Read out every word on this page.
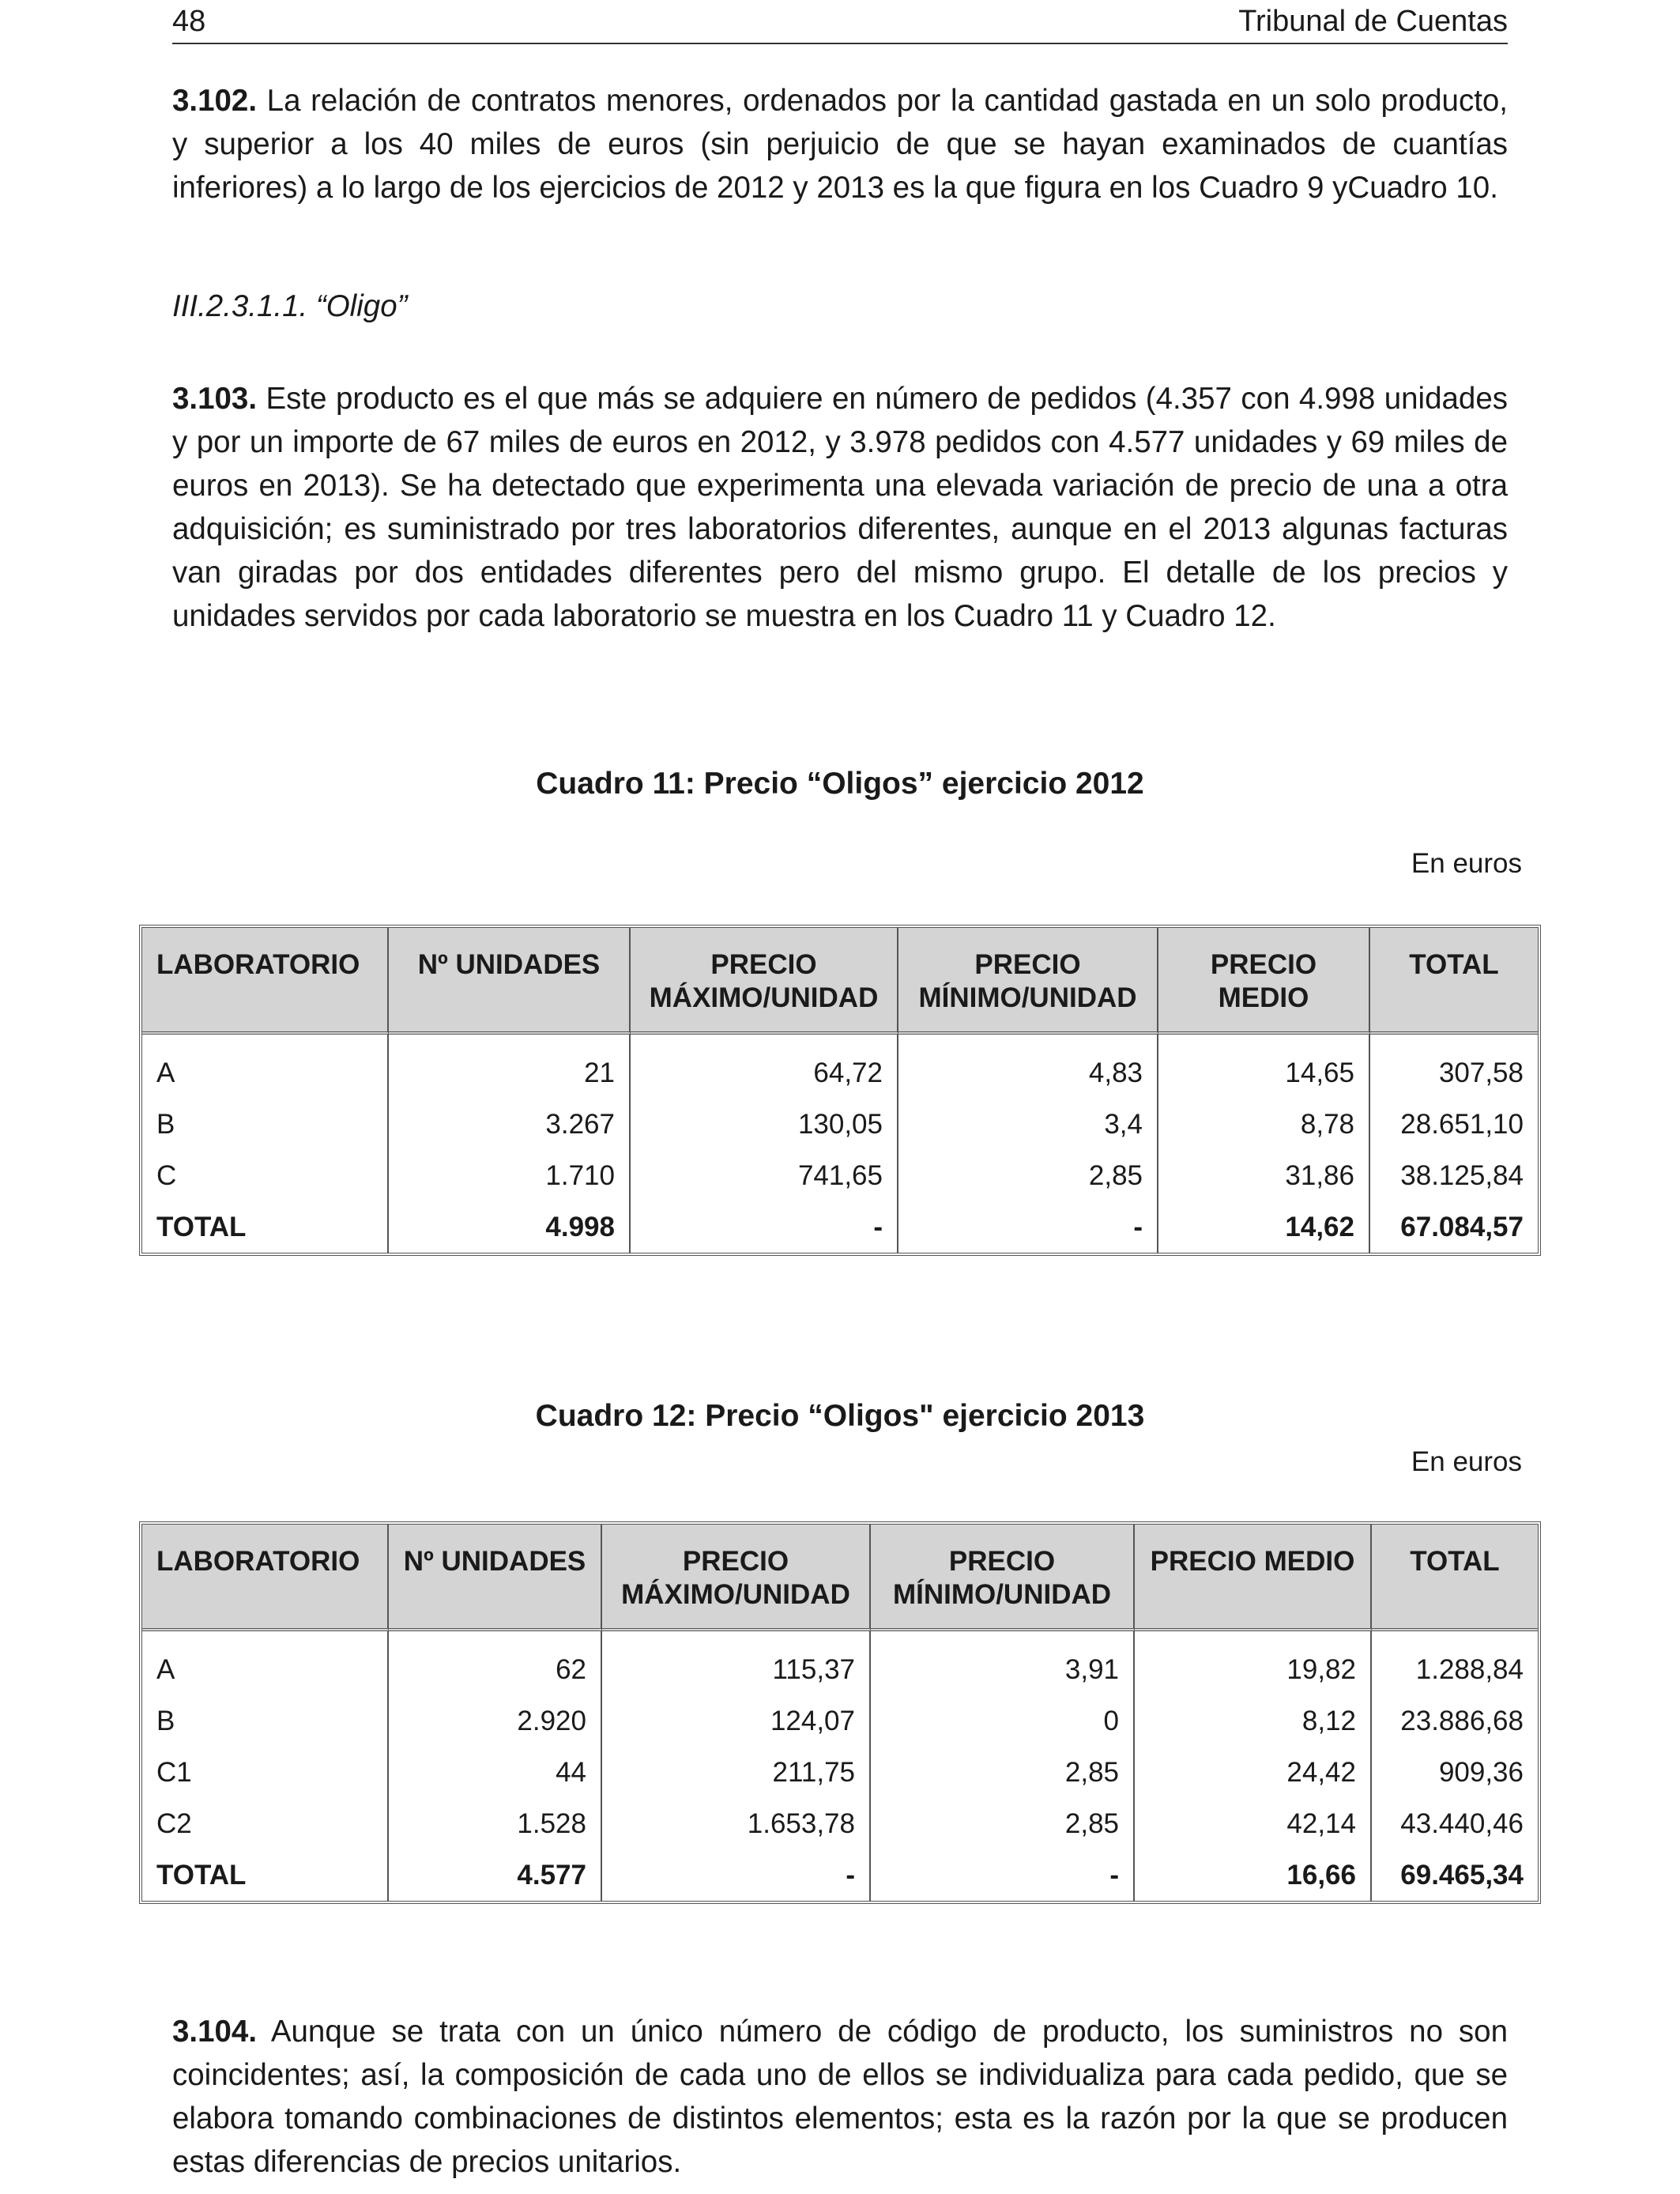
48	Tribunal de Cuentas

3.102. La relación de contratos menores, ordenados por la cantidad gastada en un solo producto, y superior a los 40 miles de euros (sin perjuicio de que se hayan examinados de cuantías inferiores) a lo largo de los ejercicios de 2012 y 2013 es la que figura en los Cuadro 9 yCuadro 10.

III.2.3.1.1. “Oligo”

3.103. Este producto es el que más se adquiere en número de pedidos (4.357 con 4.998 unidades y por un importe de 67 miles de euros en 2012, y 3.978 pedidos con 4.577 unidades y 69 miles de euros en 2013). Se ha detectado que experimenta una elevada variación de precio de una a otra adquisición; es suministrado por tres laboratorios diferentes, aunque en el 2013 algunas facturas van giradas por dos entidades diferentes pero del mismo grupo. El detalle de los precios y unidades servidos por cada laboratorio se muestra en los Cuadro 11 y Cuadro 12.

Cuadro 11: Precio “Oligos” ejercicio 2012

En euros

LABORATORIO	Nº UNIDADES	PRECIO MÁXIMO/UNIDAD	PRECIO MÍNIMO/UNIDAD	PRECIO MEDIO	TOTAL
A	21	64,72	4,83	14,65	307,58
B	3.267	130,05	3,4	8,78	28.651,10
C	1.710	741,65	2,85	31,86	38.125,84
TOTAL	4.998	-	-	14,62	67.084,57

Cuadro 12: Precio “Oligos" ejercicio 2013

En euros

LABORATORIO	Nº UNIDADES	PRECIO MÁXIMO/UNIDAD	PRECIO MÍNIMO/UNIDAD	PRECIO MEDIO	TOTAL
A	62	115,37	3,91	19,82	1.288,84
B	2.920	124,07	0	8,12	23.886,68
C1	44	211,75	2,85	24,42	909,36
C2	1.528	1.653,78	2,85	42,14	43.440,46
TOTAL	4.577	-	-	16,66	69.465,34

3.104. Aunque se trata con un único número de código de producto, los suministros no son coincidentes; así, la composición de cada uno de ellos se individualiza para cada pedido, que se elabora tomando combinaciones de distintos elementos; esta es la razón por la que se producen estas diferencias de precios unitarios.
